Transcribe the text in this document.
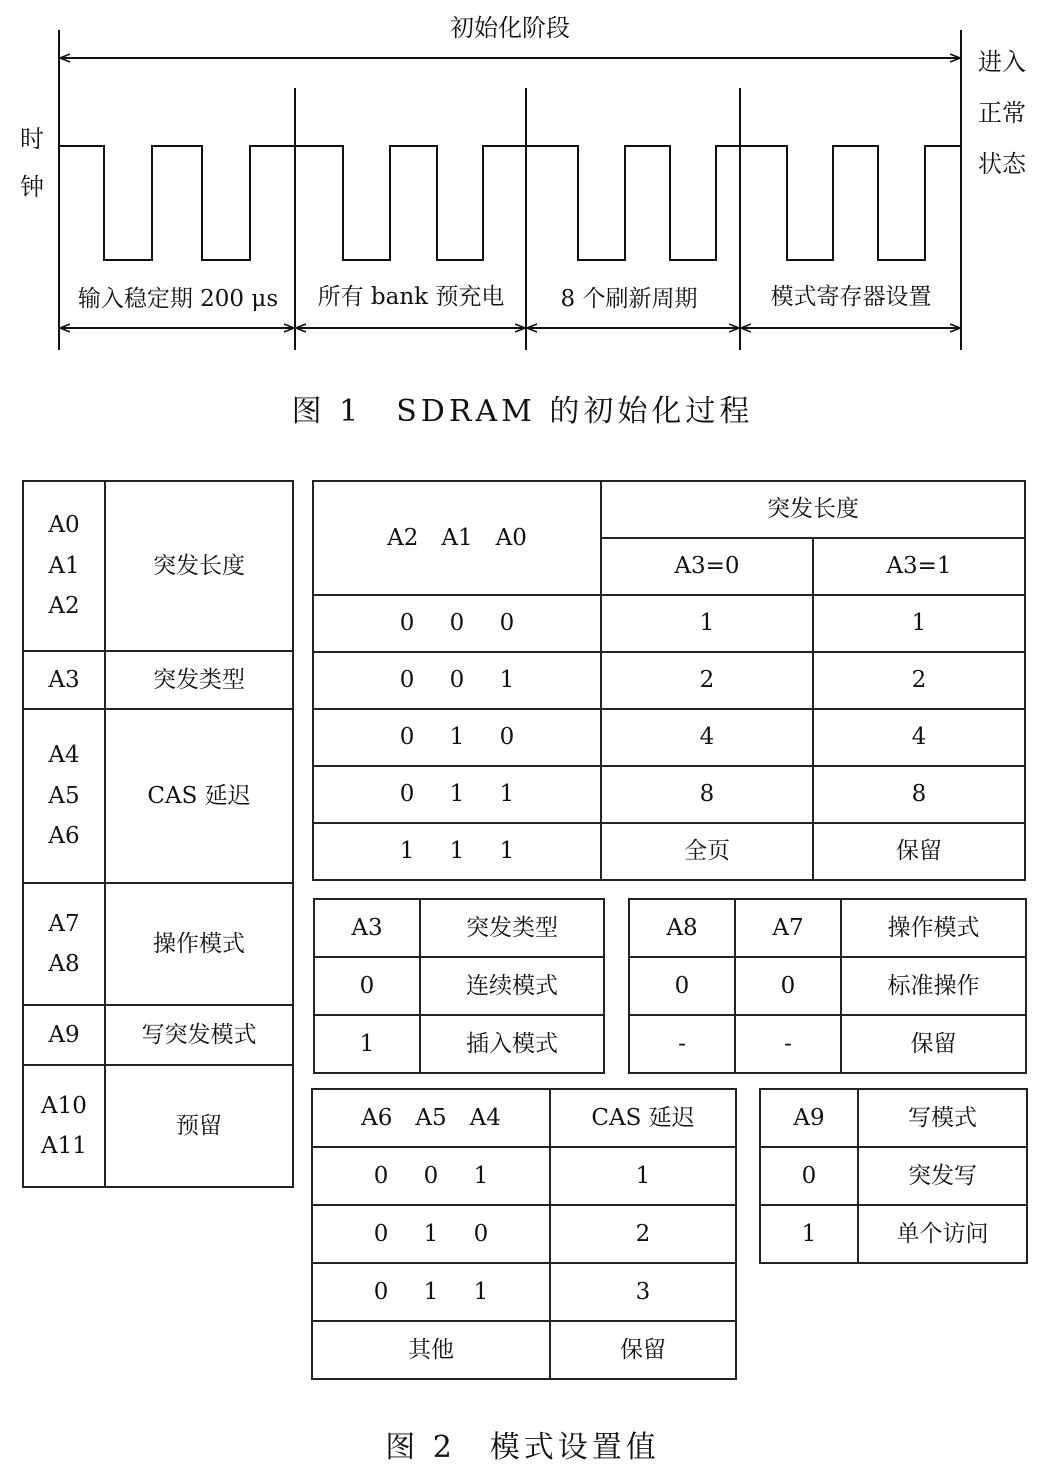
初始化阶段
时
钟
进入
正常
状态
输入稳定期 200 μs 所有 bank 预充电 8 个刷新周期	模式寄存器设置
图 1　SDRAM 的初始化过程
A0
A1
A2	突发长度
A3	突发类型

A4
A5
A6	CAS 延迟

A7
A8	操作模式
A9	写突发模式

A10
A11	预留
A2　A1　A0	突发长度	
	A3=0	A3=1
0 0 0	1	1
0 0 1	2	2
0 1 0	4	4
0 1 1	8	8
1 1 1	全页	保留
A3	突发类型
0	连续模式
1	插入模式
A8	A7	操作模式
0	0	标准操作
-	-	保留
A6　A5　A4	CAS 延迟
0 0 1	1
0 1 0	2
0 1 1	3
其他	保留
A9	写模式
0	突发写
1	单个访问
图 2　模式设置值
